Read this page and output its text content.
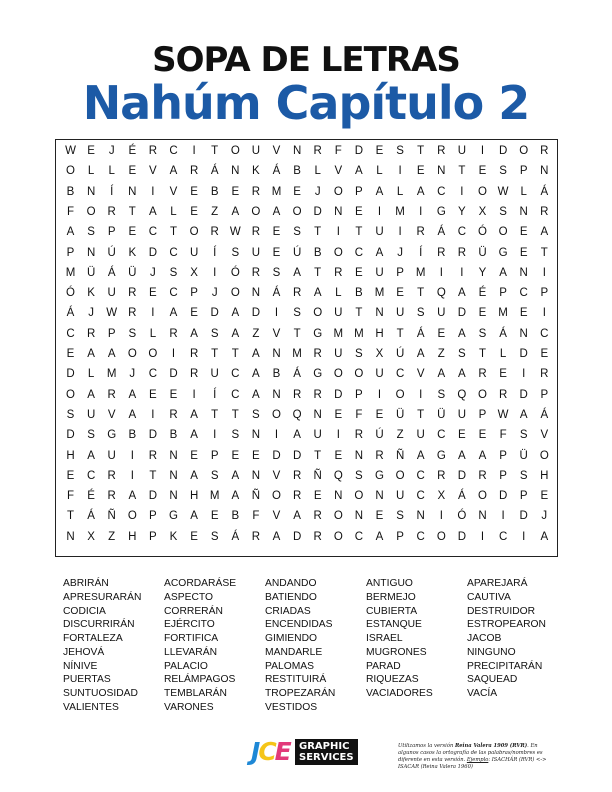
SOPA DE LETRAS
Nahúm Capítulo 2
W E	J	É	R	C	I	T	O	U	V	N	R	F	D	E	S	T	R	U	I	D	O	R
O	L	L	E	V	A	R	Á	N	K	Á	B	L	V	A	L	I	E	N	T	E	S	P	N
B	N	Í	N	I	V	E	B	E	R	M	E	J	O	P	A	L	A	C	I	O W	L	Á
F	O	R	T	A	L	E	Z	A	O	A	O	D	N	E	I	M	I	G	Y	X	S	N	R
A	S	P	E	C	T	O	R W R	E	S	T	I	T	U	I	R	Á	C	Ó	O	E	A
P	N	Ú	K	D	C	U	Í	S	U	E	Ú	B	O	C	A	J	Í	R	R	Ü	G	E	T
M	Ü	Á	Ü	J	S	X	I	Ó	R	S	A	T	R	E	U	P	M	I	I	Y	A	N	I
Ó	K	U	R	E	C	P	J	O	N	Á	R	A	L	B	M	E	T	Q	A	É	P	C	P
Á	J	W R	I	A	E	D	A	D	I	S	O	U	T	N	U	S	U	D	E	M	E	I
C	R	P	S	L	R	A	S	A	Z	V	T	G M M	H	T	Á	E	A	S	Á	N	C
E	A	A	O	O	I	R	T	T	A	N	M	R	U	S	X	Ú	A	Z	S	T	L	D	E
D	L	M	J	C	D	R	U	C	A	B	Á	G	O	O	U	C	V	A	A	R	E	I	R
O	A	R	A	E	E	I	Í	C	A	N	R	R	D	P	I	O	I	S	Q	O	R	D	P
S	U	V	A	I	R	A	T	T	S	O	Q	N	E	F	E	Ü	T	Ü	U	P W A	Á
D	S	G	B	D	B	A	I	S	N	I	A	U	I	R	Ú	Z	U	C	E	E	F	S	V
H	A	U	I	R	N	E	P	E	E	D	D	T	E	N	R	Ñ	A	G	A	A	P	Ü	O
E	C	R	I	T	N	A	S	A	N	V	R	Ñ	Q	S	G	O	C	R	D	R	P	S	H
F	É	R	A	D	N	H	M	A	Ñ	O	R	E	N	O	N	U	C	X	Á	O	D	P	E
T	Á	Ñ	O	P	G	A	E	B	F	V	A	R	O	N	E	S	N	I	Ó	N	I	D	J
N	X	Z	H	P	K	E	S	Á	R	A	D	R	O	C	A	P	C	O	D	I	C	I	A
ABRIRÁN
APRESURARÁN
CODICIA
DISCURRIRÁN
FORTALEZA
JEHOVÁ
NÍNIVE
PUERTAS
SUNTUOSIDAD
VALIENTES
ACORDARÁSE
ASPECTO
CORRERÁN
EJÉRCITO
FORTIFICA
LLEVARÁN
PALACIO
RELÁMPAGOS
TEMBLARÁN
VARONES
ANDANDO
BATIENDO
CRIADAS
ENCENDIDAS
GIMIENDO
MANDARLE
PALOMAS
RESTITUIRÁ
TROPEZARÁN
VESTIDOS
ANTIGUO
BERMEJO
CUBIERTA
ESTANQUE
ISRAEL
MUGRONES
PARAD
RIQUEZAS
VACIADORES
APAREJARÁ
CAUTIVA
DESTRUIDOR
ESTROPEARON
JACOB
NINGUNO
PRECIPITARÁN
SAQUEAD
VACÍA
JCE GRAPHIC
SERVICES
Utilizamos la versión Reina Valera 1909 (RVR). En algunos casos la ortografía de las palabras/nombres es diferente en esta versión. Ejemplo: ISACHÁR (RVR) <-> ISACAR (Reina Valera 1960)
